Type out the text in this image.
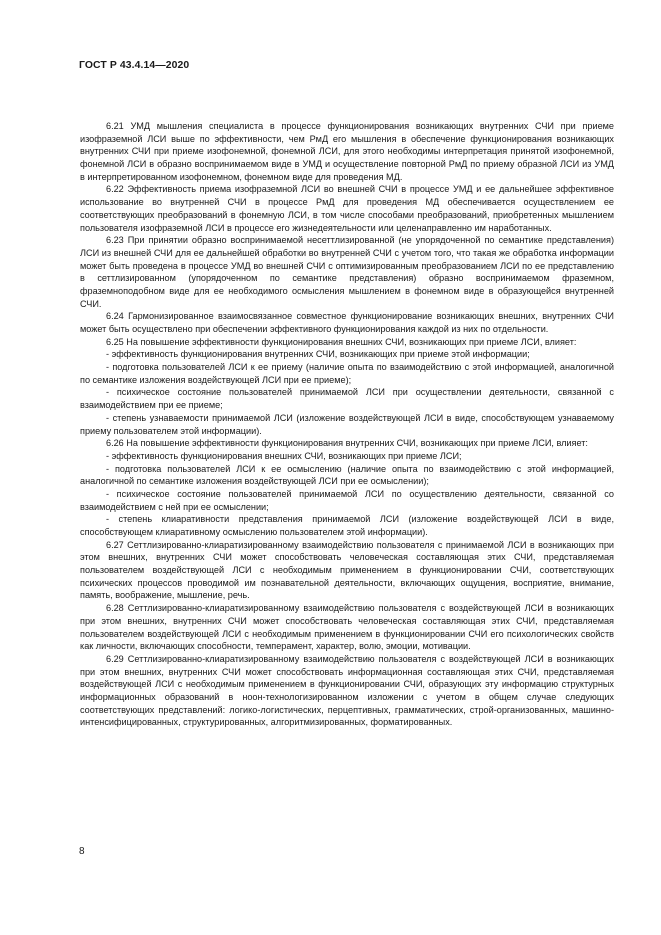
ГОСТ Р 43.4.14—2020

6.21 УМД мышления специалиста в процессе функционирования возникающих внутренних СЧИ при приеме изофраземной ЛСИ выше по эффективности, чем РмД его мышления в обеспечение функционирования возникающих внутренних СЧИ при приеме изофонемной, фонемной ЛСИ, для этого необходимы интерпретация принятой изофонемной, фонемной ЛСИ в образно воспринимаемом виде в УМД и осуществление повторной РмД по приему образной ЛСИ из УМД в интерпретированном изофонемном, фонемном виде для проведения МД.

6.22 Эффективность приема изофраземной ЛСИ во внешней СЧИ в процессе УМД и ее дальнейшее эффективное использование во внутренней СЧИ в процессе РмД для проведения МД обеспечивается осуществлением ее соответствующих преобразований в фонемную ЛСИ, в том числе способами преобразований, приобретенных мышлением пользователя изофраземной ЛСИ в процессе его жизнедеятельности или целенаправленно им наработанных.

6.23 При принятии образно воспринимаемой несеттлизированной (не упорядоченной по семантике представления) ЛСИ из внешней СЧИ для ее дальнейшей обработки во внутренней СЧИ с учетом того, что такая же обработка информации может быть проведена в процессе УМД во внешней СЧИ с оптимизированным преобразованием ЛСИ по ее представлению в сеттлизированном (упорядоченном по семантике представления) образно воспринимаемом фраземном, фраземноподобном виде для ее необходимого осмысления мышлением в фонемном виде в образующейся внутренней СЧИ.

6.24 Гармонизированное взаимосвязанное совместное функционирование возникающих внешних, внутренних СЧИ может быть осуществлено при обеспечении эффективного функционирования каждой из них по отдельности.

6.25 На повышение эффективности функционирования внешних СЧИ, возникающих при приеме ЛСИ, влияет:

- эффективность функционирования внутренних СЧИ, возникающих при приеме этой информации;

- подготовка пользователей ЛСИ к ее приему (наличие опыта по взаимодействию с этой информацией, аналогичной по семантике изложения воздействующей ЛСИ при ее приеме);

- психическое состояние пользователей принимаемой ЛСИ при осуществлении деятельности, связанной с взаимодействием при ее приеме;

- степень узнаваемости принимаемой ЛСИ (изложение воздействующей ЛСИ в виде, способствующем узнаваемому приему пользователем этой информации).

6.26 На повышение эффективности функционирования внутренних СЧИ, возникающих при приеме ЛСИ, влияет:

- эффективность функционирования внешних СЧИ, возникающих при приеме ЛСИ;

- подготовка пользователей ЛСИ к ее осмыслению (наличие опыта по взаимодействию с этой информацией, аналогичной по семантике изложения воздействующей ЛСИ при ее осмыслении);

- психическое состояние пользователей принимаемой ЛСИ по осуществлению деятельности, связанной со взаимодействием с ней при ее осмыслении;

- степень клиаративности представления принимаемой ЛСИ (изложение воздействующей ЛСИ в виде, способствующем клиаративному осмыслению пользователем этой информации).

6.27 Сеттлизированно-клиаратизированному взаимодействию пользователя с принимаемой ЛСИ в возникающих при этом внешних, внутренних СЧИ может способствовать человеческая составляющая этих СЧИ, представляемая пользователем воздействующей ЛСИ с необходимым применением в функционировании СЧИ, соответствующих психических процессов проводимой им познавательной деятельности, включающих ощущения, восприятие, внимание, память, воображение, мышление, речь.

6.28 Сеттлизированно-клиаратизированному взаимодействию пользователя с воздействующей ЛСИ в возникающих при этом внешних, внутренних СЧИ может способствовать человеческая составляющая этих СЧИ, представляемая пользователем воздействующей ЛСИ с необходимым применением в функционировании СЧИ его психологических свойств как личности, включающих способности, темперамент, характер, волю, эмоции, мотивации.

6.29 Сеттлизированно-клиаратизированному взаимодействию пользователя с воздействующей ЛСИ в возникающих при этом внешних, внутренних СЧИ может способствовать информационная составляющая этих СЧИ, представляемая воздействующей ЛСИ с необходимым применением в функционировании СЧИ, образующих эту информацию структурных информационных образований в ноон-технологизированном изложении с учетом в общем случае следующих соответствующих представлений: логико-логистических, перцептивных, грамматических, строй-организованных, машинно-интенсифицированных, структурированных, алгоритмизированных, форматированных.

8
